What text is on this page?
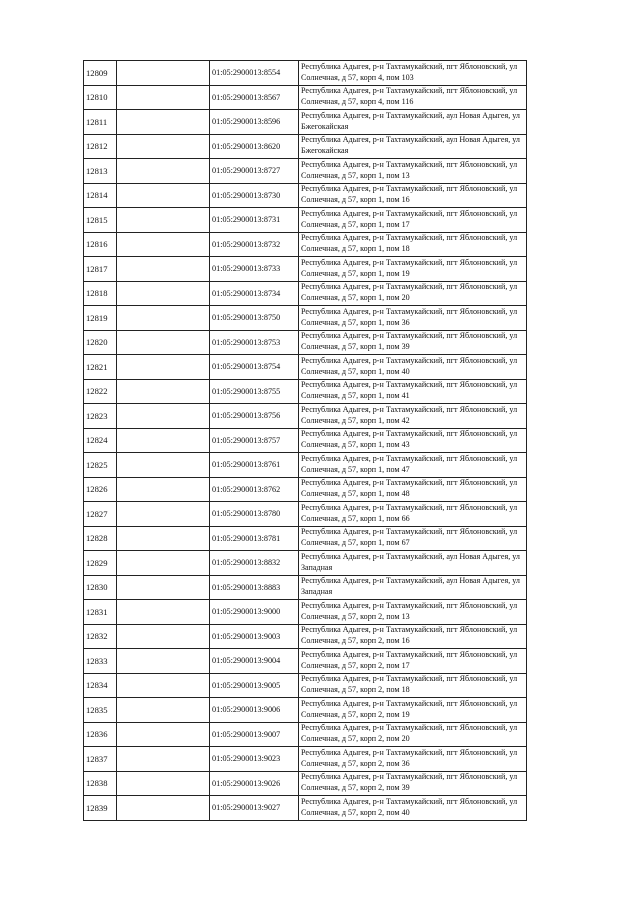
12809		01:05:2900013:8554	Республика Адыгея, р-н Тахтамукайский, пгт Яблоновский, ул Солнечная, д 57, корп 4, пом 103
12810		01:05:2900013:8567	Республика Адыгея, р-н Тахтамукайский, пгт Яблоновский, ул Солнечная, д 57, корп 4, пом 116
12811		01:05:2900013:8596	Республика Адыгея, р-н Тахтамукайский, аул Новая Адыгея, ул Бжегокайская
12812		01:05:2900013:8620	Республика Адыгея, р-н Тахтамукайский, аул Новая Адыгея, ул Бжегокайская
12813		01:05:2900013:8727	Республика Адыгея, р-н Тахтамукайский, пгт Яблоновский, ул Солнечная, д 57, корп 1, пом 13
12814		01:05:2900013:8730	Республика Адыгея, р-н Тахтамукайский, пгт Яблоновский, ул Солнечная, д 57, корп 1, пом 16
12815		01:05:2900013:8731	Республика Адыгея, р-н Тахтамукайский, пгт Яблоновский, ул Солнечная, д 57, корп 1, пом 17
12816		01:05:2900013:8732	Республика Адыгея, р-н Тахтамукайский, пгт Яблоновский, ул Солнечная, д 57, корп 1, пом 18
12817		01:05:2900013:8733	Республика Адыгея, р-н Тахтамукайский, пгт Яблоновский, ул Солнечная, д 57, корп 1, пом 19
12818		01:05:2900013:8734	Республика Адыгея, р-н Тахтамукайский, пгт Яблоновский, ул Солнечная, д 57, корп 1, пом 20
12819		01:05:2900013:8750	Республика Адыгея, р-н Тахтамукайский, пгт Яблоновский, ул Солнечная, д 57, корп 1, пом 36
12820		01:05:2900013:8753	Республика Адыгея, р-н Тахтамукайский, пгт Яблоновский, ул Солнечная, д 57, корп 1, пом 39
12821		01:05:2900013:8754	Республика Адыгея, р-н Тахтамукайский, пгт Яблоновский, ул Солнечная, д 57, корп 1, пом 40
12822		01:05:2900013:8755	Республика Адыгея, р-н Тахтамукайский, пгт Яблоновский, ул Солнечная, д 57, корп 1, пом 41
12823		01:05:2900013:8756	Республика Адыгея, р-н Тахтамукайский, пгт Яблоновский, ул Солнечная, д 57, корп 1, пом 42
12824		01:05:2900013:8757	Республика Адыгея, р-н Тахтамукайский, пгт Яблоновский, ул Солнечная, д 57, корп 1, пом 43
12825		01:05:2900013:8761	Республика Адыгея, р-н Тахтамукайский, пгт Яблоновский, ул Солнечная, д 57, корп 1, пом 47
12826		01:05:2900013:8762	Республика Адыгея, р-н Тахтамукайский, пгт Яблоновский, ул Солнечная, д 57, корп 1, пом 48
12827		01:05:2900013:8780	Республика Адыгея, р-н Тахтамукайский, пгт Яблоновский, ул Солнечная, д 57, корп 1, пом 66
12828		01:05:2900013:8781	Республика Адыгея, р-н Тахтамукайский, пгт Яблоновский, ул Солнечная, д 57, корп 1, пом 67
12829		01:05:2900013:8832	Республика Адыгея, р-н Тахтамукайский, аул Новая Адыгея, ул Западная
12830		01:05:2900013:8883	Республика Адыгея, р-н Тахтамукайский, аул Новая Адыгея, ул Западная
12831		01:05:2900013:9000	Республика Адыгея, р-н Тахтамукайский, пгт Яблоновский, ул Солнечная, д 57, корп 2, пом 13
12832		01:05:2900013:9003	Республика Адыгея, р-н Тахтамукайский, пгт Яблоновский, ул Солнечная, д 57, корп 2, пом 16
12833		01:05:2900013:9004	Республика Адыгея, р-н Тахтамукайский, пгт Яблоновский, ул Солнечная, д 57, корп 2, пом 17
12834		01:05:2900013:9005	Республика Адыгея, р-н Тахтамукайский, пгт Яблоновский, ул Солнечная, д 57, корп 2, пом 18
12835		01:05:2900013:9006	Республика Адыгея, р-н Тахтамукайский, пгт Яблоновский, ул Солнечная, д 57, корп 2, пом 19
12836		01:05:2900013:9007	Республика Адыгея, р-н Тахтамукайский, пгт Яблоновский, ул Солнечная, д 57, корп 2, пом 20
12837		01:05:2900013:9023	Республика Адыгея, р-н Тахтамукайский, пгт Яблоновский, ул Солнечная, д 57, корп 2, пом 36
12838		01:05:2900013:9026	Республика Адыгея, р-н Тахтамукайский, пгт Яблоновский, ул Солнечная, д 57, корп 2, пом 39
12839		01:05:2900013:9027	Республика Адыгея, р-н Тахтамукайский, пгт Яблоновский, ул Солнечная, д 57, корп 2, пом 40
